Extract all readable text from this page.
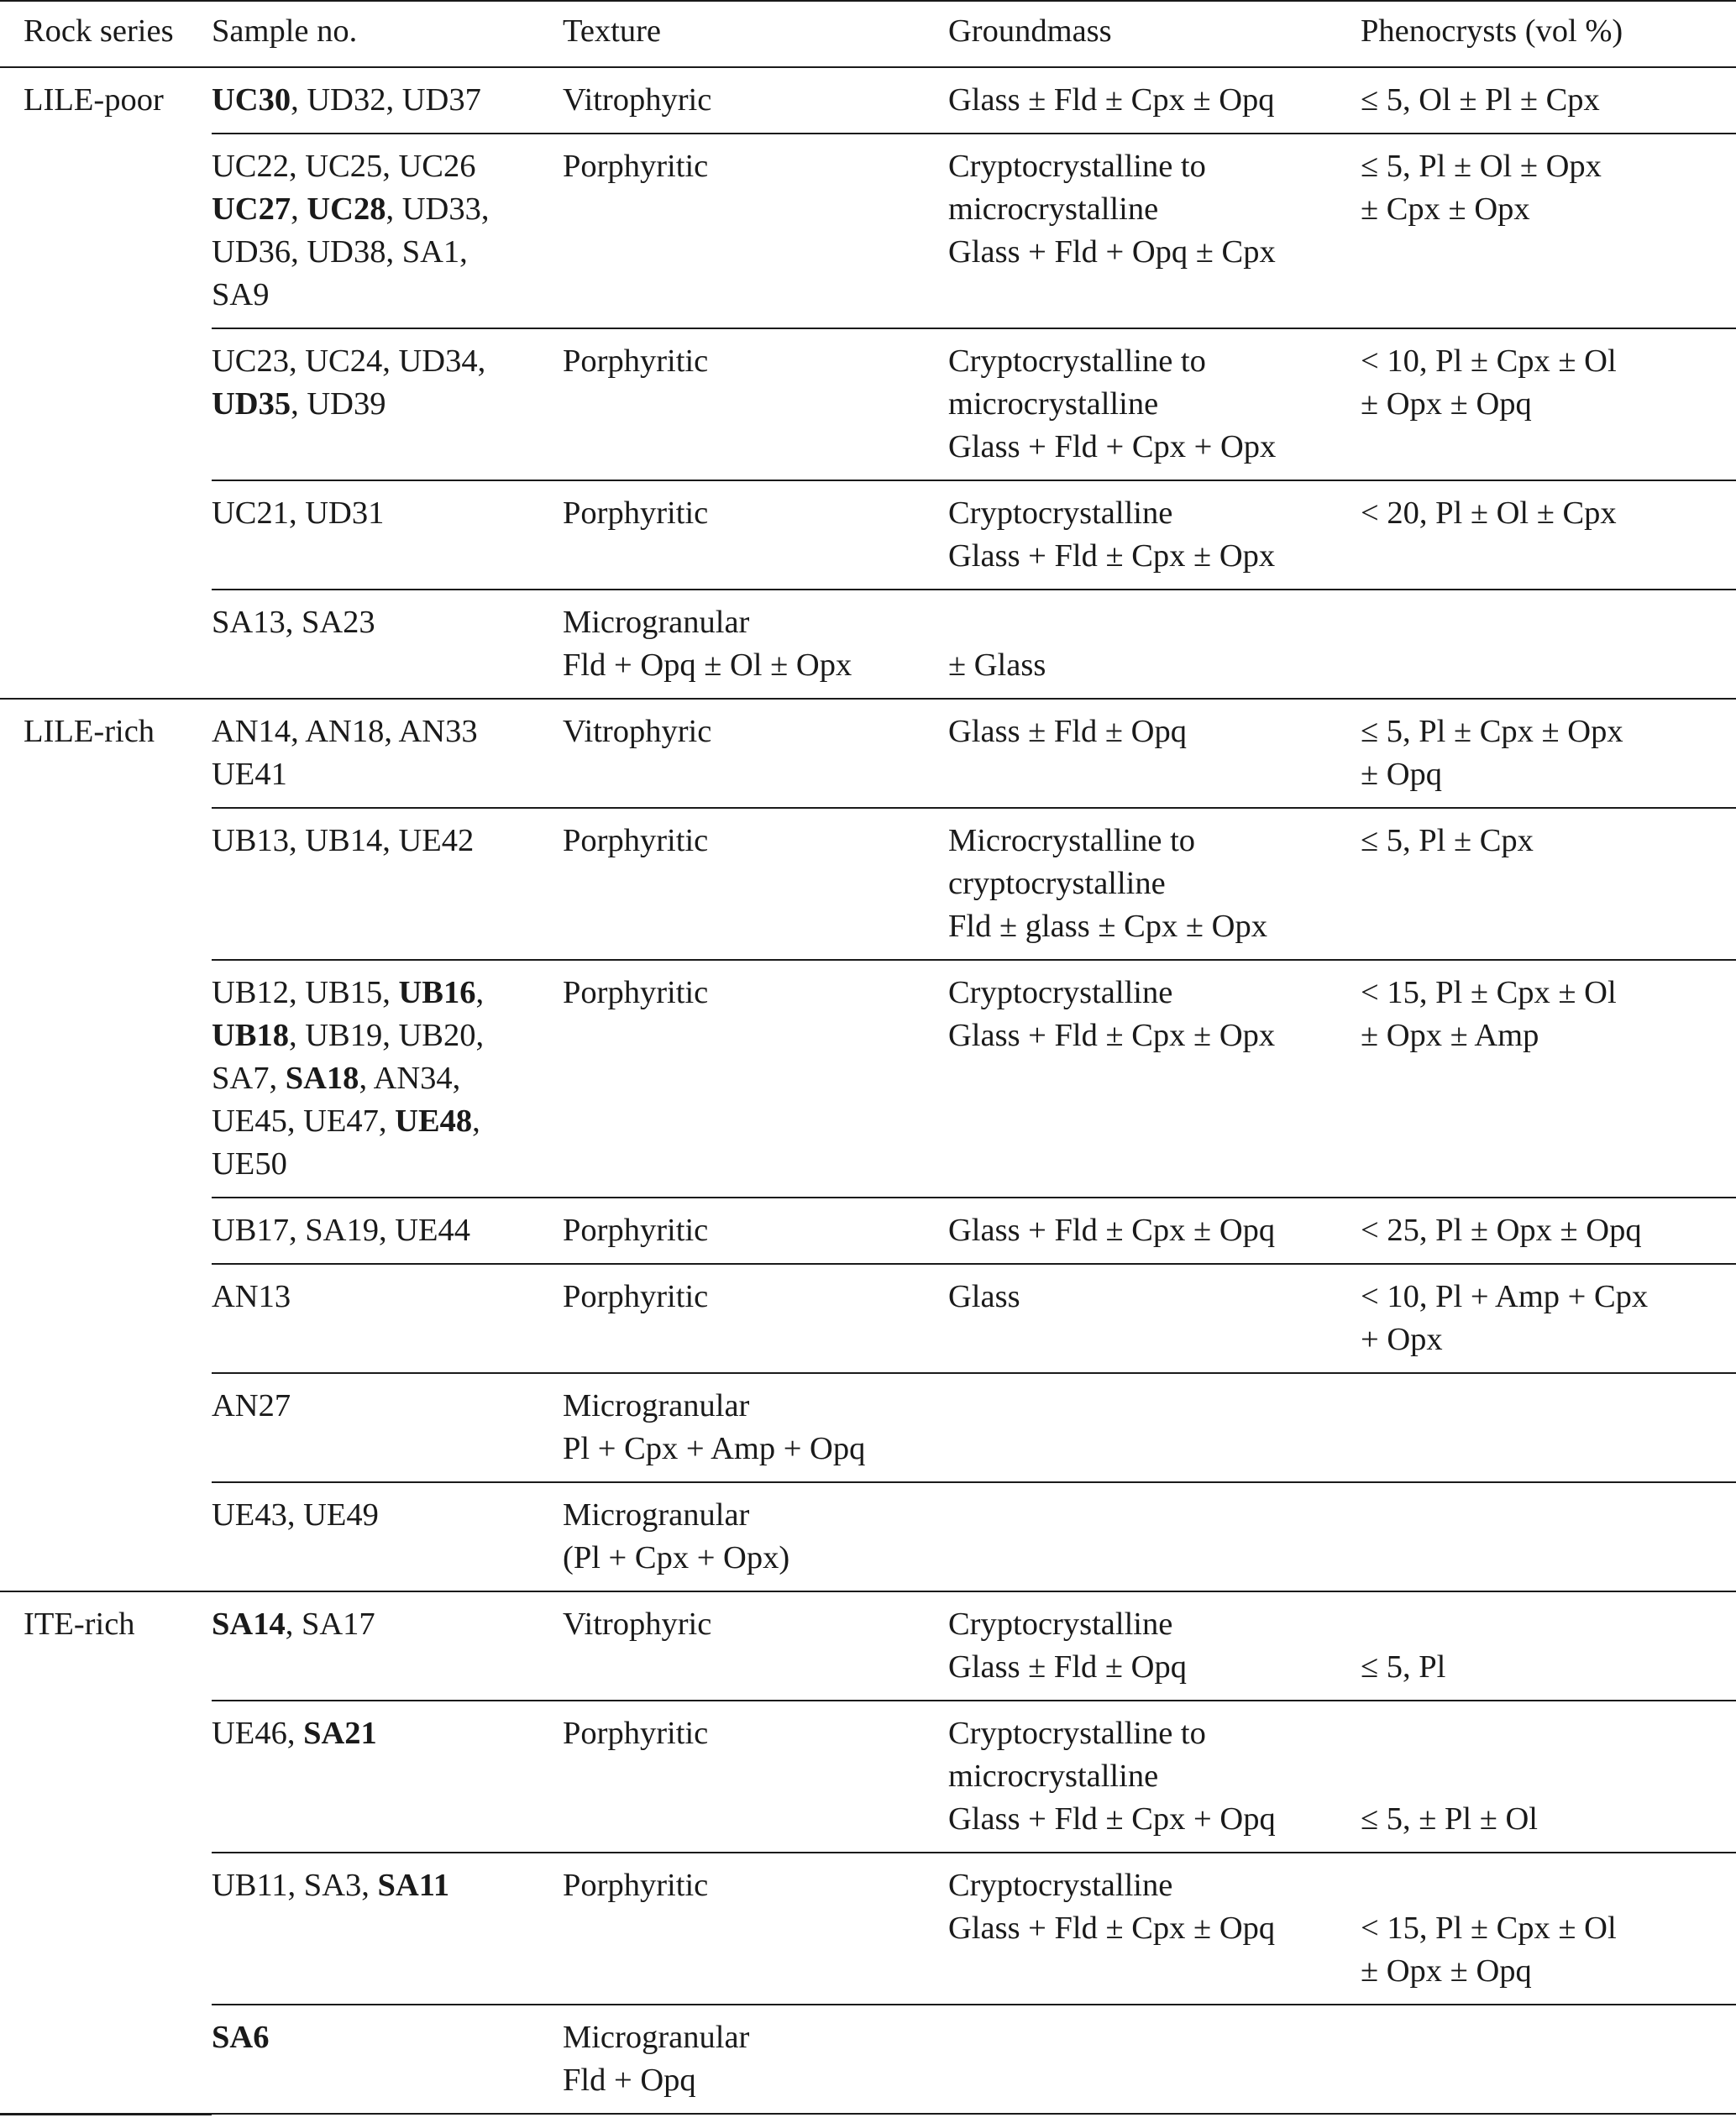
Rock series	Sample no.	Texture	Groundmass	Phenocrysts (vol %)
LILE-poor	UC30, UD32, UD37	Vitrophyric	Glass ± Fld ± Cpx ± Opq	≤ 5, Ol ± Pl ± Cpx

	UC22, UC25, UC26
UC27, UC28, UD33,
UD36, UD38, SA1,
SA9	Porphyritic	Cryptocrystalline to
microcrystalline
Glass + Fld + Opq ± Cpx	≤ 5, Pl ± Ol ± Opx
± Cpx ± Opx

	UC23, UC24, UD34,
UD35, UD39	Porphyritic	Cryptocrystalline to
microcrystalline
Glass + Fld + Cpx + Opx	< 10, Pl ± Cpx ± Ol
± Opx ± Opq

	UC21, UD31	Porphyritic	Cryptocrystalline
Glass + Fld ± Cpx ± Opx	< 20, Pl ± Ol ± Cpx

	SA13, SA23	Microgranular
Fld + Opq ± Ol ± Opx	± Glass	

LILE-rich	AN14, AN18, AN33
UE41	Vitrophyric	Glass ± Fld ± Opq	≤ 5, Pl ± Cpx ± Opx
± Opq

	UB13, UB14, UE42	Porphyritic	Microcrystalline to
cryptocrystalline
Fld ± glass ± Cpx ± Opx	≤ 5, Pl ± Cpx

	UB12, UB15, UB16,
UB18, UB19, UB20,
SA7, SA18, AN34,
UE45, UE47, UE48,
UE50	Porphyritic	Cryptocrystalline
Glass + Fld ± Cpx ± Opx	< 15, Pl ± Cpx ± Ol
± Opx ± Amp

	UB17, SA19, UE44	Porphyritic	Glass + Fld ± Cpx ± Opq	< 25, Pl ± Opx ± Opq

	AN13	Porphyritic	Glass	< 10, Pl + Amp + Cpx
+ Opx

	AN27	Microgranular
Pl + Cpx + Amp + Opq		

	UE43, UE49	Microgranular
(Pl + Cpx + Opx)		

ITE-rich	SA14, SA17	Vitrophyric	Cryptocrystalline
Glass ± Fld ± Opq	≤ 5, Pl

	UE46, SA21	Porphyritic	Cryptocrystalline to
microcrystalline
Glass + Fld ± Cpx + Opq	≤ 5, ± Pl ± Ol

	UB11, SA3, SA11	Porphyritic	Cryptocrystalline
Glass + Fld ± Cpx ± Opq	< 15, Pl ± Cpx ± Ol
± Opx ± Opq

	SA6	Microgranular
Fld + Opq		
